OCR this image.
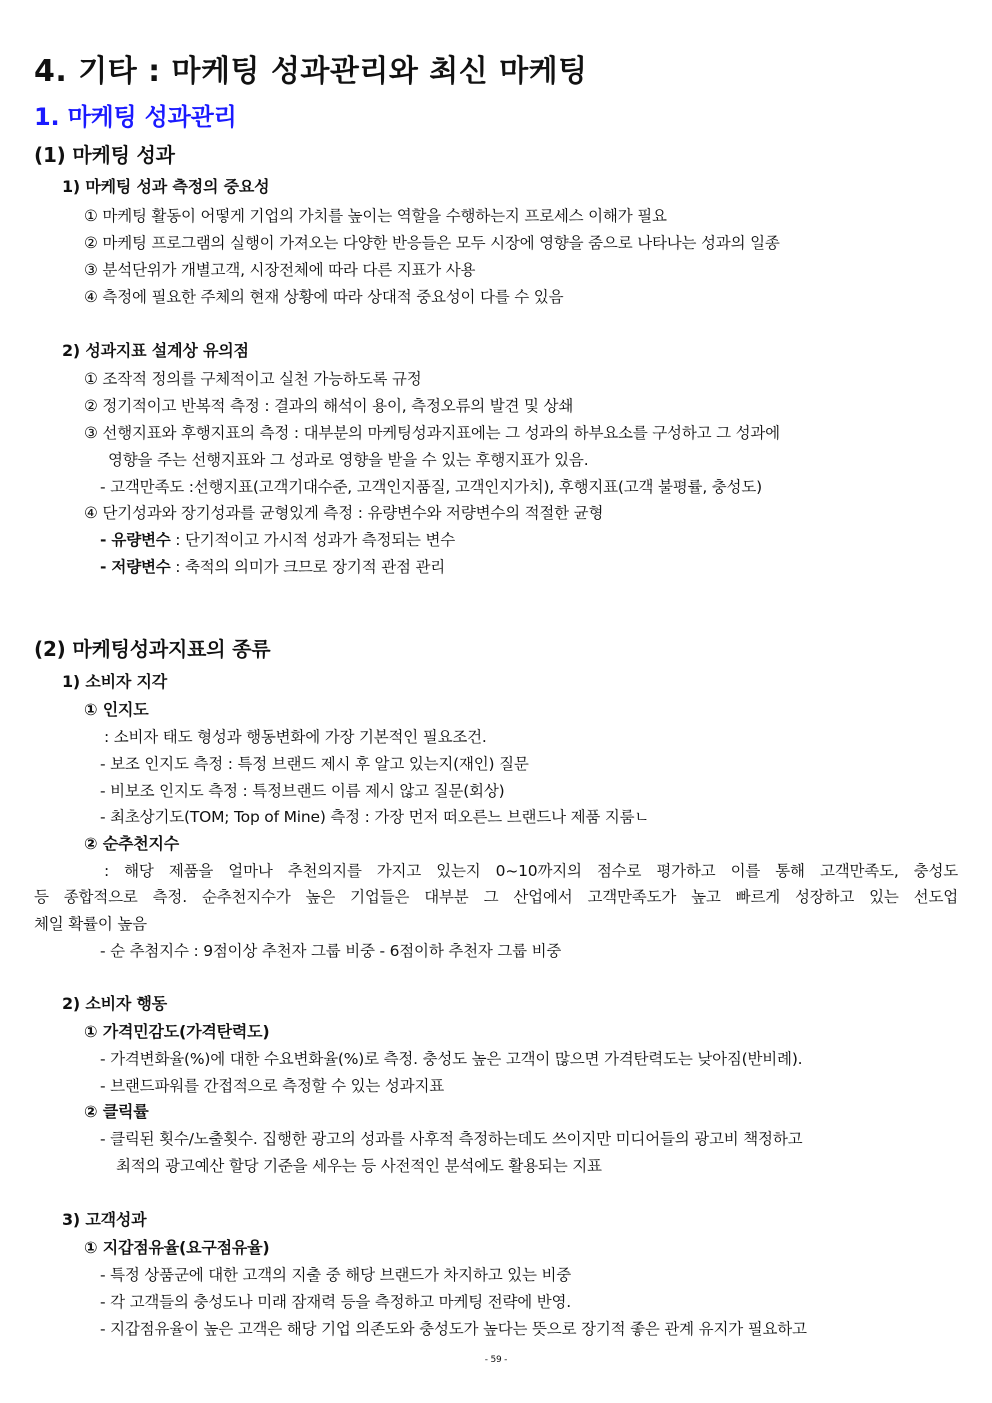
4. 기타 : 마케팅 성과관리와 최신 마케팅
1. 마케팅 성과관리
(1) 마케팅 성과
1) 마케팅 성과 측정의 중요성
① 마케팅 활동이 어떻게 기업의 가치를 높이는 역할을 수행하는지 프로세스 이해가 필요
② 마케팅 프로그램의 실행이 가져오는 다양한 반응들은 모두 시장에 영향을 줌으로 나타나는 성과의 일종
③ 분석단위가 개별고객, 시장전체에 따라 다른 지표가 사용
④ 측정에 필요한 주체의 현재 상황에 따라 상대적 중요성이 다를 수 있음
2) 성과지표 설계상 유의점
① 조작적 정의를 구체적이고 실천 가능하도록 규정
② 정기적이고 반복적 측정 : 결과의 해석이 용이, 측정오류의 발견 및 상쇄
③ 선행지표와 후행지표의 측정 : 대부분의 마케팅성과지표에는 그 성과의 하부요소를 구성하고 그 성과에
영향을 주는 선행지표와 그 성과로 영향을 받을 수 있는 후행지표가 있음.
- 고객만족도 :선행지표(고객기대수준, 고객인지품질, 고객인지가치), 후행지표(고객 불평률, 충성도)
④ 단기성과와 장기성과를 균형있게 측정 : 유량변수와 저량변수의 적절한 균형
- 유량변수 : 단기적이고 가시적 성과가 측정되는 변수
- 저량변수 : 축적의 의미가 크므로 장기적 관점 관리
(2) 마케팅성과지표의 종류
1) 소비자 지각
① 인지도
: 소비자 태도 형성과 행동변화에 가장 기본적인 필요조건.
- 보조 인지도 측정 : 특정 브랜드 제시 후 알고 있는지(재인) 질문
- 비보조 인지도 측정 : 특정브랜드 이름 제시 않고 질문(회상)
- 최초상기도(TOM; Top of Mine) 측정 : 가장 먼저 떠오른느 브랜드나 제품 지룸ㄴ
② 순추천지수
: 해당 제품을 얼마나 추천의지를 가지고 있는지 0~10까지의 점수로 평가하고 이를 통해 고객만족도, 충성도
등 종합적으로 측정. 순추천지수가 높은 기업들은 대부분 그 산업에서 고객만족도가 높고 빠르게 성장하고 있는 선도업
체일 확률이 높음
- 순 추첨지수 : 9점이상 추천자 그룹 비중 - 6점이하 추천자 그룹 비중
2) 소비자 행동
① 가격민감도(가격탄력도)
- 가격변화율(%)에 대한 수요변화율(%)로 측정. 충성도 높은 고객이 많으면 가격탄력도는 낮아짐(반비례).
- 브랜드파워를 간접적으로 측정할 수 있는 성과지표
② 클릭률
- 클릭된 횟수/노출횟수. 집행한 광고의 성과를 사후적 측정하는데도 쓰이지만 미디어들의 광고비 책정하고
최적의 광고예산 할당 기준을 세우는 등 사전적인 분석에도 활용되는 지표
3) 고객성과
① 지갑점유율(요구점유율)
- 특정 상품군에 대한 고객의 지출 중 해당 브랜드가 차지하고 있는 비중
- 각 고객들의 충성도나 미래 잠재력 등을 측정하고 마케팅 전략에 반영.
- 지갑점유율이 높은 고객은 해당 기업 의존도와 충성도가 높다는 뜻으로 장기적 좋은 관계 유지가 필요하고
- 59 -
